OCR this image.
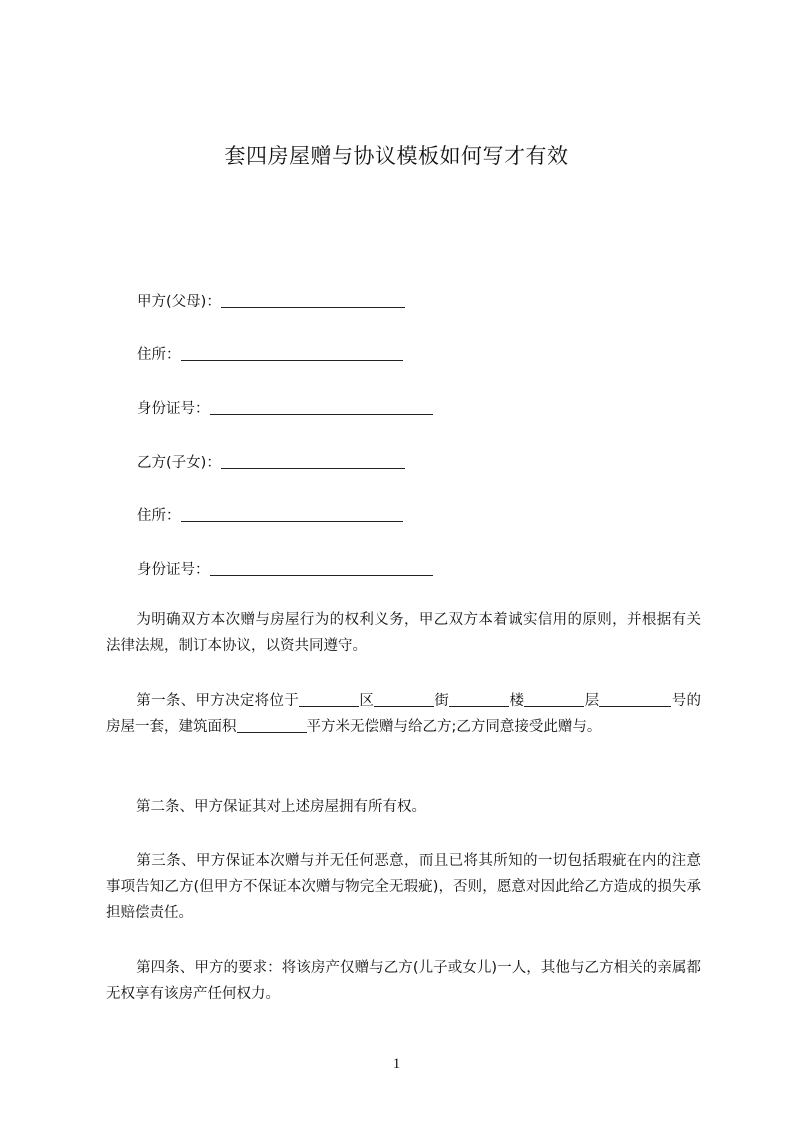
套四房屋赠与协议模板如何写才有效
甲方(父母)：
住所：
身份证号：
乙方(子女)：
住所：
身份证号：

为明确双方本次赠与房屋行为的权利义务，甲乙双方本着诚实信用的原则，并根据有关法律法规，制订本协议，以资共同遵守。

第一条、甲方决定将位于	区	街	楼	层	号的房屋一套，建筑面积	平方米无偿赠与给乙方;乙方同意接受此赠与。

第二条、甲方保证其对上述房屋拥有所有权。

第三条、甲方保证本次赠与并无任何恶意，而且已将其所知的一切包括瑕疵在内的注意事项告知乙方(但甲方不保证本次赠与物完全无瑕疵)，否则，愿意对因此给乙方造成的损失承担赔偿责任。

第四条、甲方的要求：将该房产仅赠与乙方(儿子或女儿)一人，其他与乙方相关的亲属都无权享有该房产任何权力。

1
